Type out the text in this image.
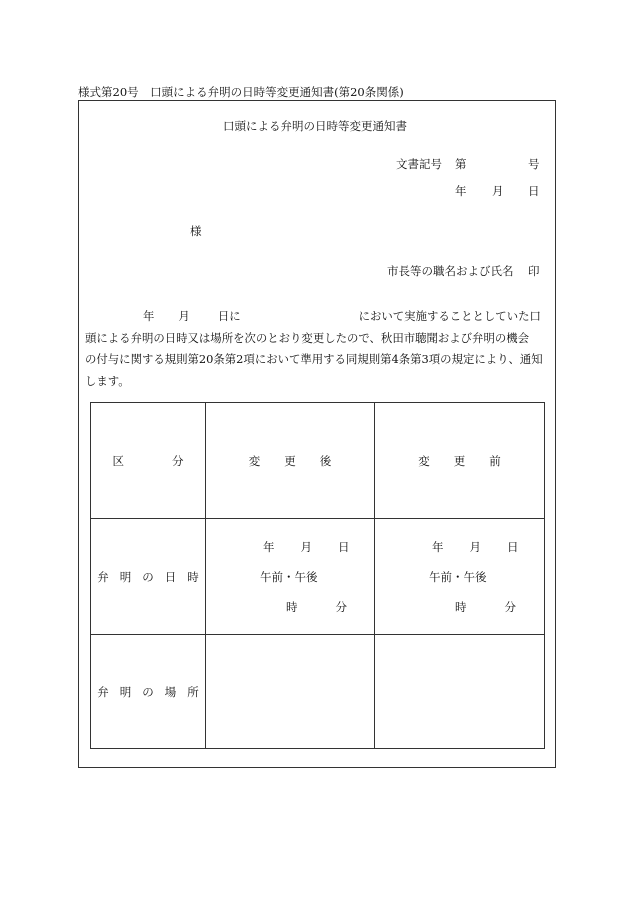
様式第20号　口頭による弁明の日時等変更通知書(第20条関係)
口頭による弁明の日時等変更通知書
文書記号 第	号
年 月 日
様
市長等の職名および氏名 印
年 月 日に	において実施することとしていた口
頭による弁明の日時又は場所を次のとおり変更したので、秋田市聴聞および弁明の機会
の付与に関する規則第20条第2項において準用する同規則第4条第3項の規定により、通知
します。
区 分	変 更 後	変 更 前
弁 明 の 日 時	年 月 日
午前・午後
時 分	年 月 日
午前・午後
時 分

弁 明 の 場 所		
